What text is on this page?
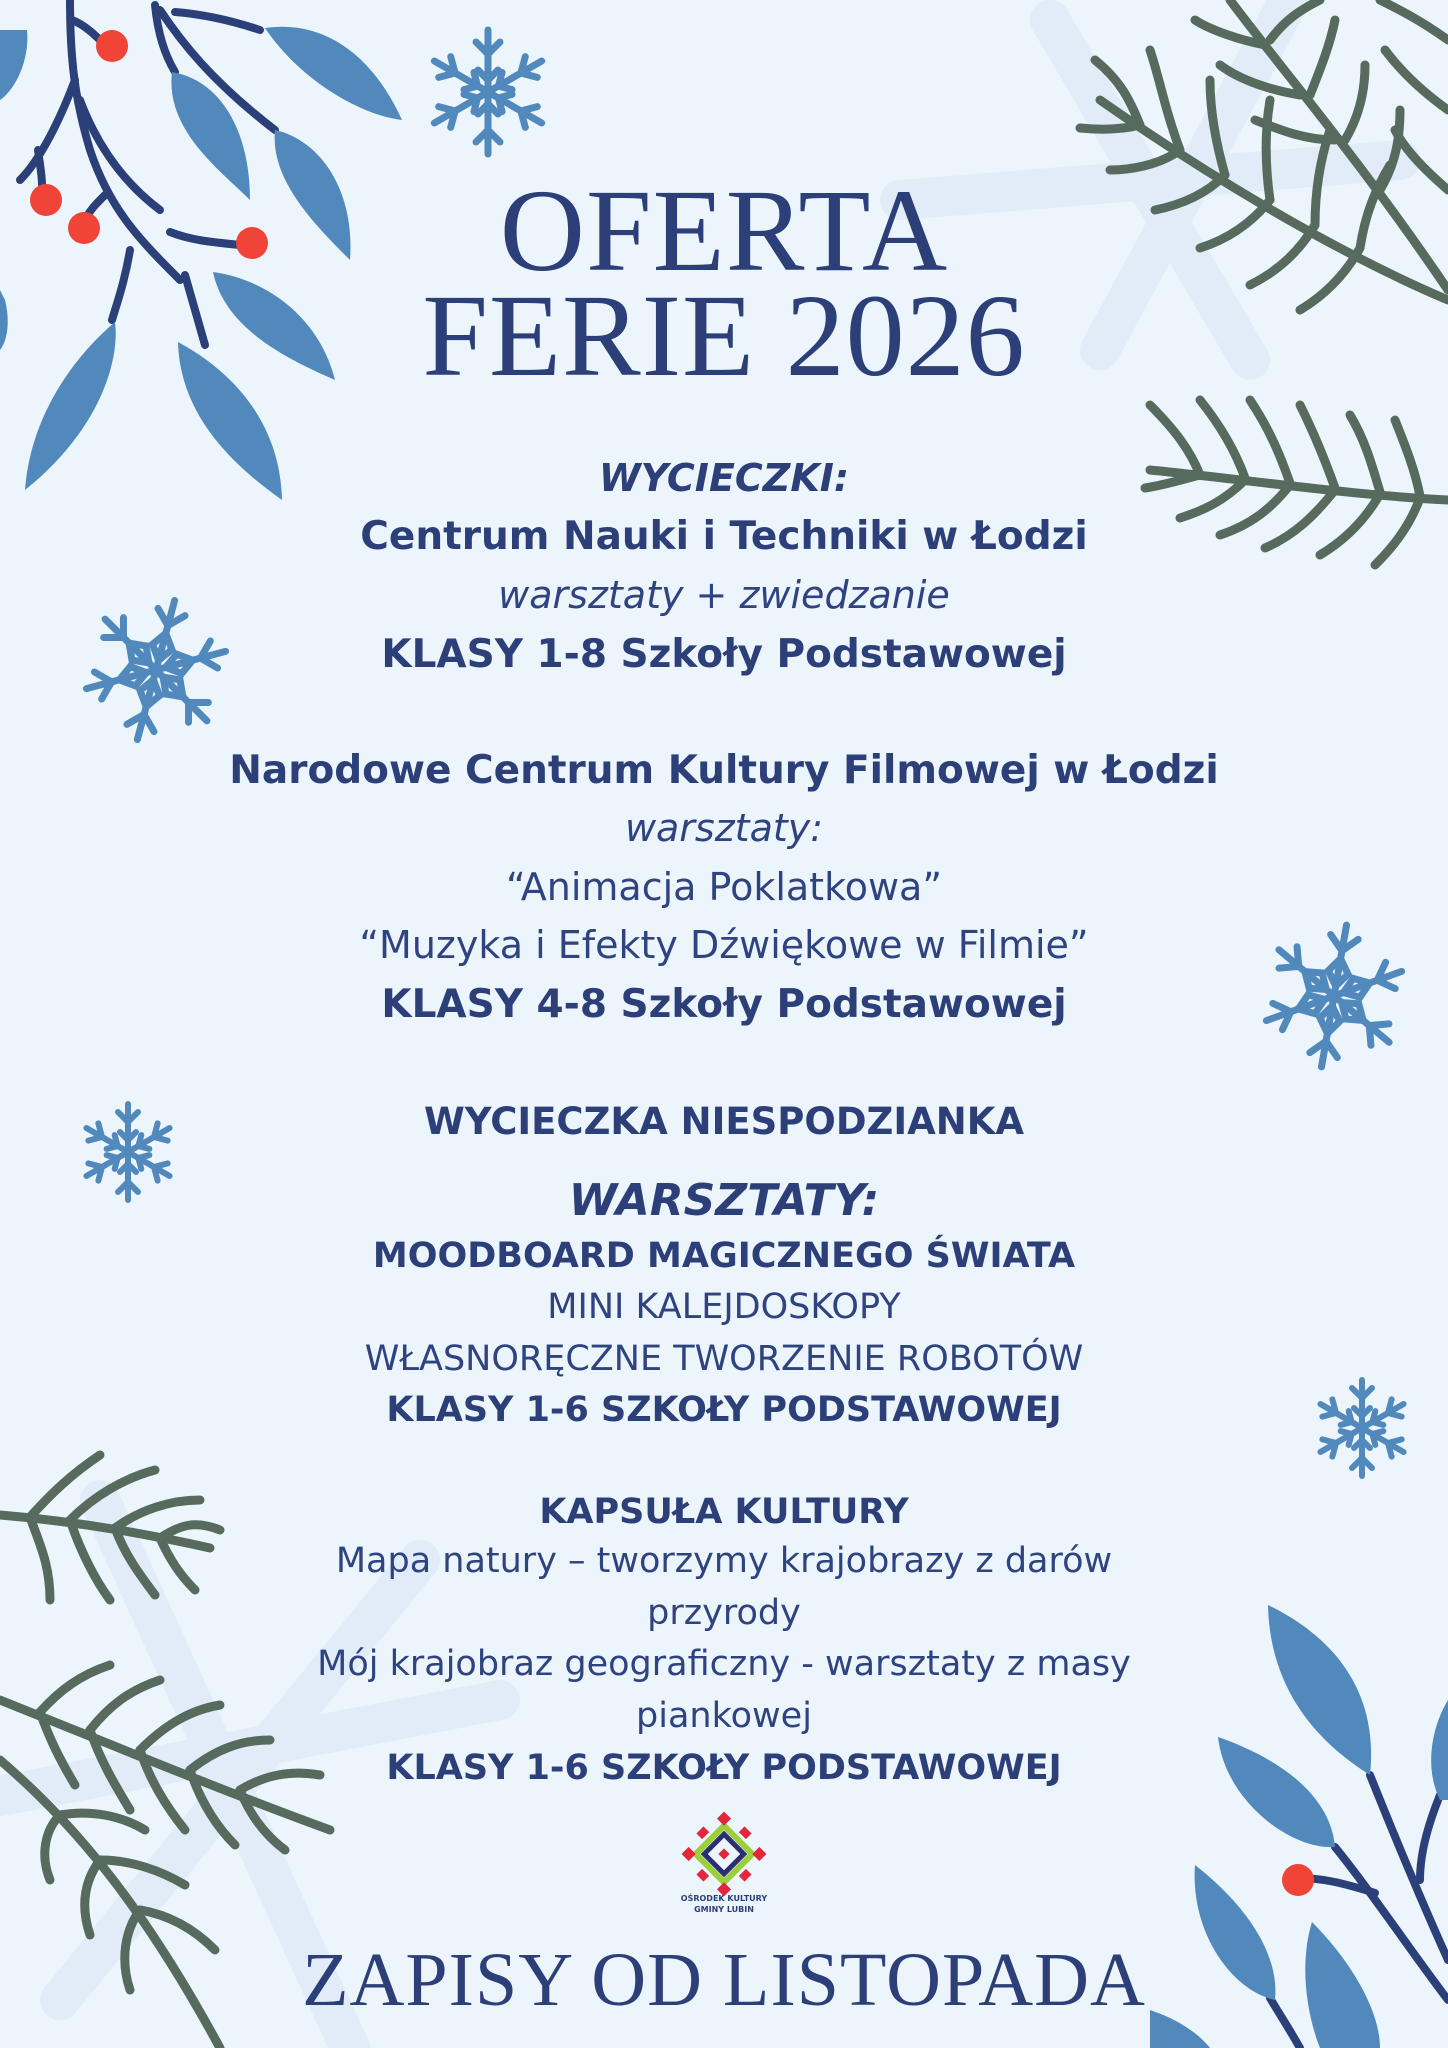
OFERTA
FERIE 2026
WYCIECZKI:
Centrum Nauki i Techniki w Łodzi
warsztaty + zwiedzanie
KLASY 1-8 Szkoły Podstawowej
Narodowe Centrum Kultury Filmowej w Łodzi
warsztaty:
“Animacja Poklatkowa”
“Muzyka i Efekty Dźwiękowe w Filmie”
KLASY 4-8 Szkoły Podstawowej
WYCIECZKA NIESPODZIANKA
WARSZTATY:
MOODBOARD MAGICZNEGO ŚWIATA
MINI KALEJDOSKOPY
WŁASNORĘCZNE TWORZENIE ROBOTÓW
KLASY 1-6 SZKOŁY PODSTAWOWEJ
KAPSUŁA KULTURY
Mapa natury – tworzymy krajobrazy z darów
przyrody
Mój krajobraz geograficzny - warsztaty z masy
piankowej
KLASY 1-6 SZKOŁY PODSTAWOWEJ
OŚRODEK KULTURY
GMINY LUBIN
ZAPISY OD LISTOPADA
